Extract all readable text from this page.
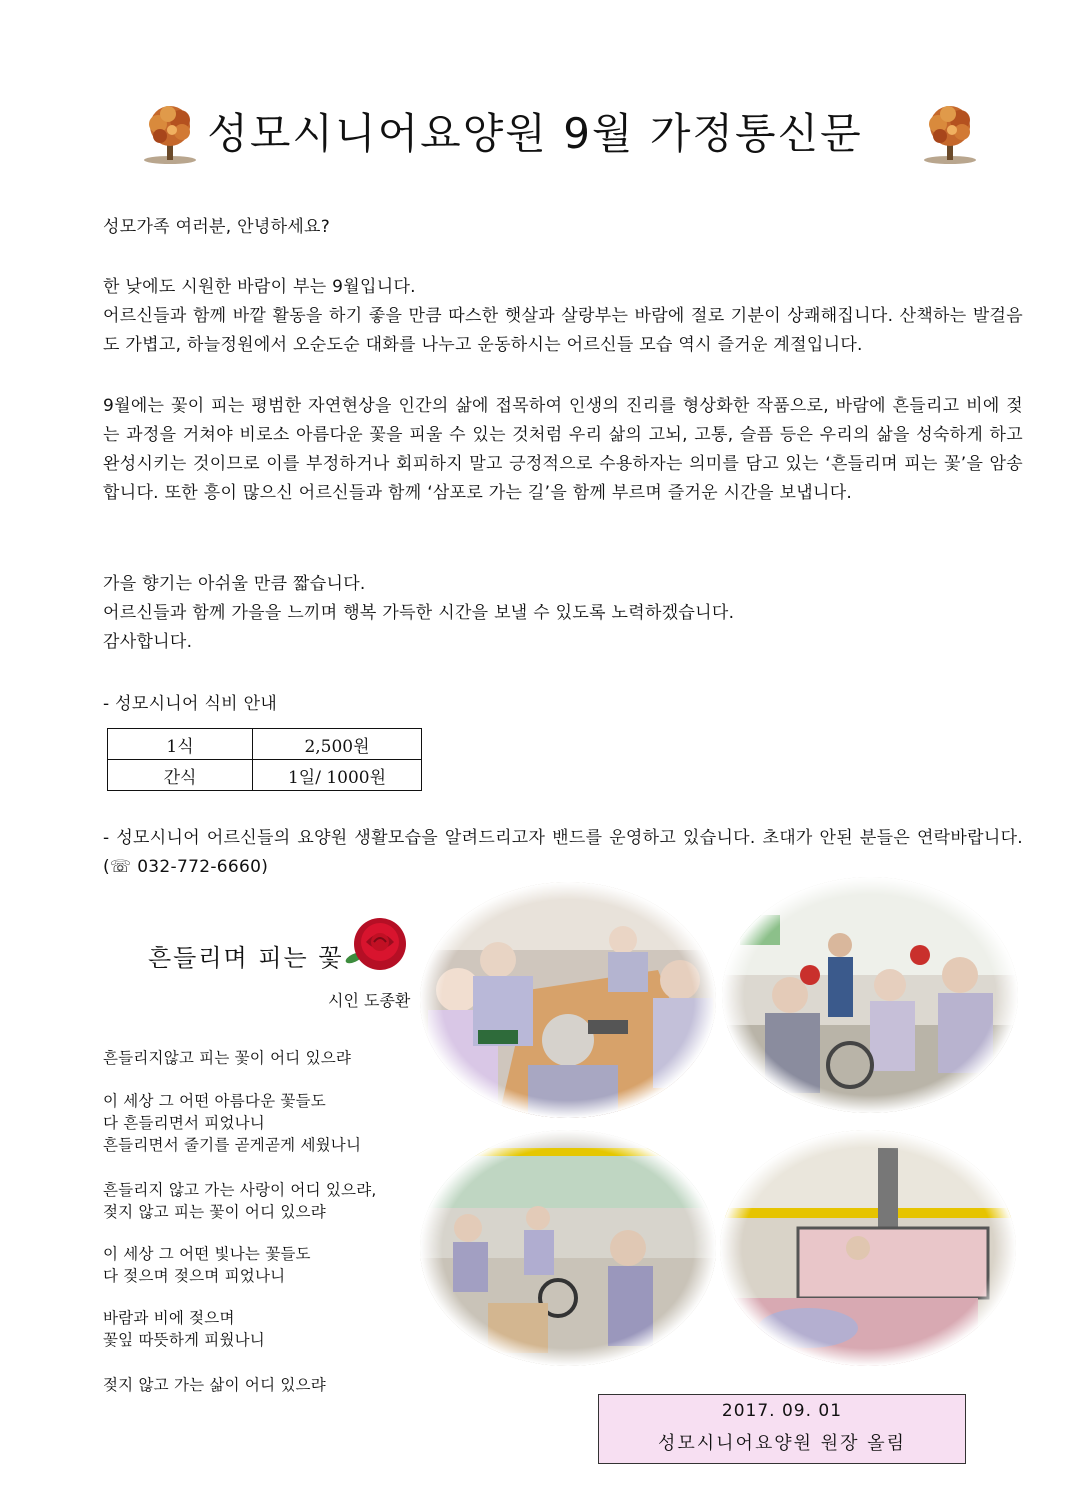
성모시니어요양원 9월 가정통신문

성모가족 여러분, 안녕하세요?

한 낮에도 시원한 바람이 부는 9월입니다.
어르신들과 함께 바깥 활동을 하기 좋을 만큼 따스한 햇살과 살랑부는 바람에 절로 기분이 상쾌해집니다. 산책하는 발걸음도 가볍고, 하늘정원에서 오순도순 대화를 나누고 운동하시는 어르신들 모습 역시 즐거운 계절입니다.

9월에는 꽃이 피는 평범한 자연현상을 인간의 삶에 접목하여 인생의 진리를 형상화한 작품으로, 바람에 흔들리고 비에 젖는 과정을 거쳐야 비로소 아름다운 꽃을 피울 수 있는 것처럼 우리 삶의 고뇌, 고통, 슬픔 등은 우리의 삶을 성숙하게 하고 완성시키는 것이므로 이를 부정하거나 회피하지 말고 긍정적으로 수용하자는 의미를 담고 있는 ‘흔들리며 피는 꽃’을 암송합니다. 또한 흥이 많으신 어르신들과 함께 ‘삼포로 가는 길’을 함께 부르며 즐거운 시간을 보냅니다.

가을 향기는 아쉬울 만큼 짧습니다.
어르신들과 함께 가을을 느끼며 행복 가득한 시간을 보낼 수 있도록 노력하겠습니다.
감사합니다.

- 성모시니어 식비 안내

1식	2,500원
간식	1일/ 1000원

- 성모시니어 어르신들의 요양원 생활모습을 알려드리고자 밴드를 운영하고 있습니다. 초대가 안된 분들은 연락바랍니다.(☏ 032-772-6660)

흔들리며 피는 꽃
시인 도종환
흔들리지않고 피는 꽃이 어디 있으랴
이 세상 그 어떤 아름다운 꽃들도
다 흔들리면서 피었나니
흔들리면서 줄기를 곧게곧게 세웠나니
흔들리지 않고 가는 사랑이 어디 있으랴,
젖지 않고 피는 꽃이 어디 있으랴
이 세상 그 어떤 빛나는 꽃들도
다 젖으며 젖으며 피었나니
바람과 비에 젖으며
꽃잎 따뜻하게 피웠나니
젖지 않고 가는 삶이 어디 있으랴
2017. 09. 01
성모시니어요양원 원장 올림
